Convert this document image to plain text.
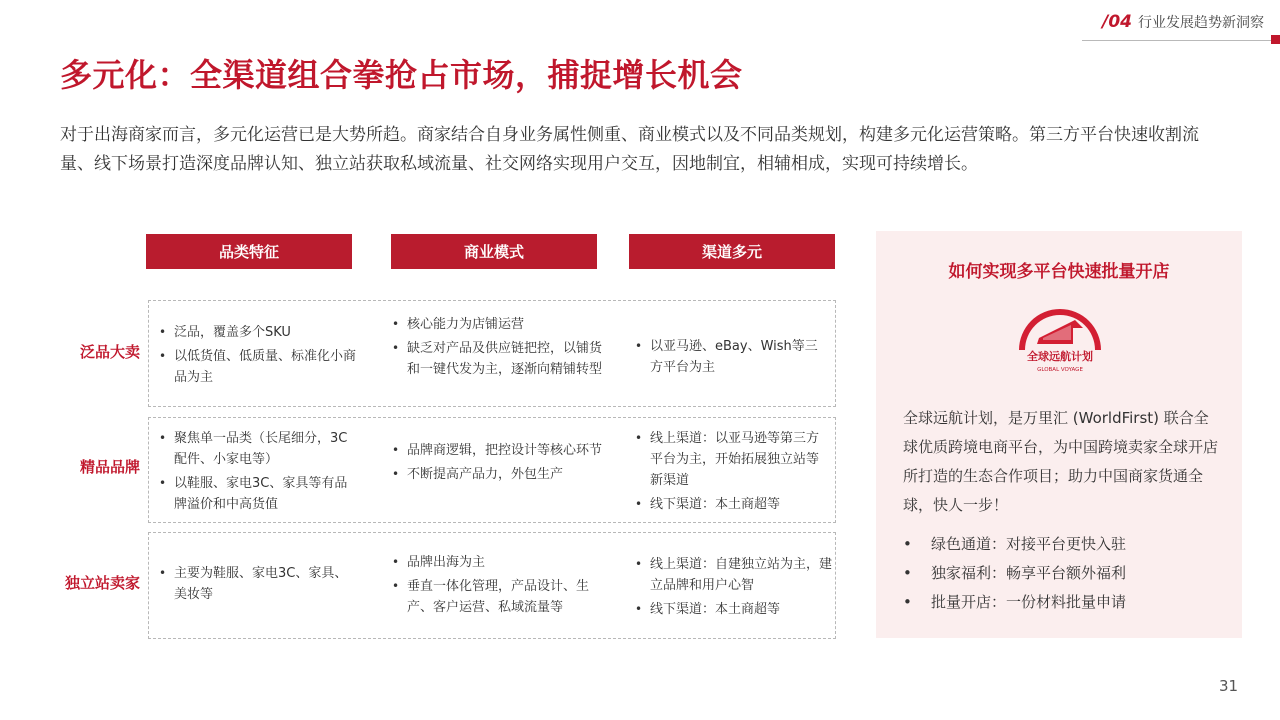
/04 行业发展趋势新洞察
多元化：全渠道组合拳抢占市场，捕捉增长机会
对于出海商家而言，多元化运营已是大势所趋。商家结合自身业务属性侧重、商业模式以及不同品类规划，构建多元化运营策略。第三方平台快速收割流量、线下场景打造深度品牌认知、独立站获取私域流量、社交网络实现用户交互，因地制宜，相辅相成，实现可持续增长。
品类特征	商业模式	渠道多元
泛品大卖
• 泛品，覆盖多个SKU
• 以低货值、低质量、标准化小商品为主
• 核心能力为店铺运营
• 缺乏对产品及供应链把控，以铺货和一键代发为主，逐渐向精铺转型
• 以亚马逊、eBay、Wish等三方平台为主
精品品牌
• 聚焦单一品类（长尾细分，3C配件、小家电等）
• 以鞋服、家电3C、家具等有品牌溢价和中高货值
• 品牌商逻辑，把控设计等核心环节
• 不断提高产品力，外包生产
• 线上渠道：以亚马逊等第三方平台为主，开始拓展独立站等新渠道
• 线下渠道：本土商超等
独立站卖家
• 主要为鞋服、家电3C、家具、美妆等
• 品牌出海为主
• 垂直一体化管理，产品设计、生产、客户运营、私域流量等
• 线上渠道：自建独立站为主，建立品牌和用户心智
• 线下渠道：本土商超等
如何实现多平台快速批量开店
全球远航计划
GLOBAL VOYAGE
全球远航计划，是万里汇 (WorldFirst) 联合全球优质跨境电商平台，为中国跨境卖家全球开店所打造的生态合作项目；助力中国商家货通全球，快人一步！
• 绿色通道：对接平台更快入驻
• 独家福利：畅享平台额外福利
• 批量开店：一份材料批量申请
31
